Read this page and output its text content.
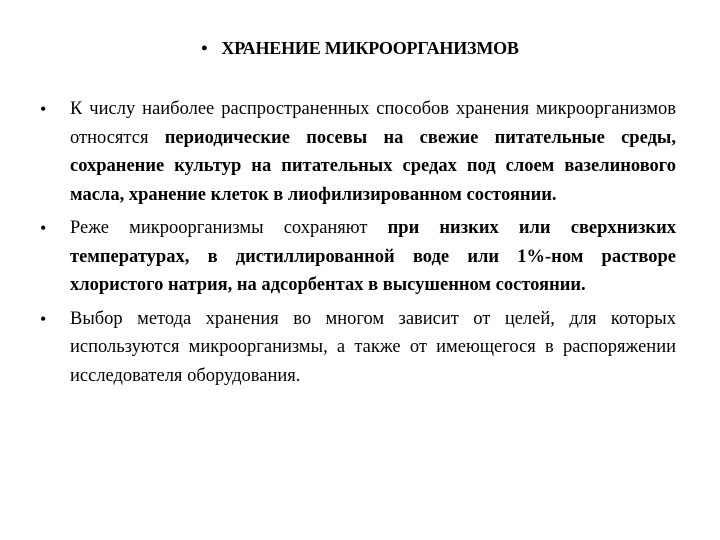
• ХРАНЕНИЕ МИКРООРГАНИЗМОВ
• К числу наиболее распространенных способов хранения микроорганизмов относятся периодические посевы на свежие питательные среды, сохранение культур на питательных средах под слоем вазелинового масла, хранение клеток в лиофилизированном состоянии.
• Реже микроорганизмы сохраняют при низких или сверхнизких температурах, в дистиллированной воде или 1%-ном растворе хлористого натрия, на адсорбентах в высушенном состоянии.
• Выбор метода хранения во многом зависит от целей, для которых используются микроорганизмы, а также от имеющегося в распоряжении исследователя оборудования.
